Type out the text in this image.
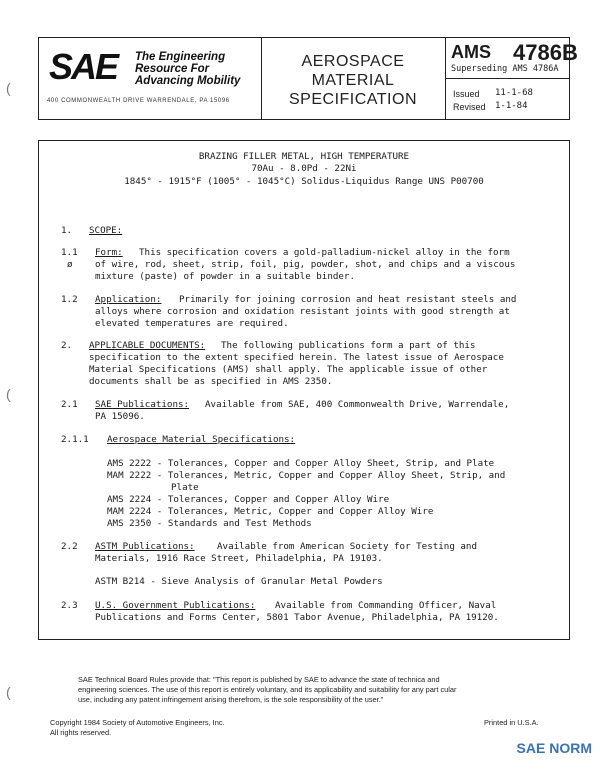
(
(
(
SAE The Engineering
Resource For
Advancing Mobility
400 COMMONWEALTH DRIVE WARRENDALE, PA 15096
AEROSPACE
MATERIAL
SPECIFICATION
AMS 4786B
Superseding AMS 4786A
Issued 11-1-68
Revised 1-1-84
BRAZING FILLER METAL, HIGH TEMPERATURE
70Au - 8.0Pd - 22Ni
1845° - 1915°F (1005° - 1045°C) Solidus-Liquidus Range UNS P00700
1. SCOPE:
1.1
ø
Form: This specification covers a gold-palladium-nickel alloy in the form
of wire, rod, sheet, strip, foil, pig, powder, shot, and chips and a viscous
mixture (paste) of powder in a suitable binder.
1.2 Application: Primarily for joining corrosion and heat resistant steels and
alloys where corrosion and oxidation resistant joints with good strength at
elevated temperatures are required.
2. APPLICABLE DOCUMENTS: The following publications form a part of this
specification to the extent specified herein. The latest issue of Aerospace
Material Specifications (AMS) shall apply. The applicable issue of other
documents shall be as specified in AMS 2350.
2.1 SAE Publications: Available from SAE, 400 Commonwealth Drive, Warrendale,
PA 15096.
2.1.1 Aerospace Material Specifications:
AMS 2222 - Tolerances, Copper and Copper Alloy Sheet, Strip, and Plate
MAM 2222 - Tolerances, Metric, Copper and Copper Alloy Sheet, Strip, and
Plate
AMS 2224 - Tolerances, Copper and Copper Alloy Wire
MAM 2224 - Tolerances, Metric, Copper and Copper Alloy Wire
AMS 2350 - Standards and Test Methods
2.2 ASTM Publications: Available from American Society for Testing and
Materials, 1916 Race Street, Philadelphia, PA 19103.
ASTM B214 - Sieve Analysis of Granular Metal Powders
2.3 U.S. Government Publications: Available from Commanding Officer, Naval
Publications and Forms Center, 5801 Tabor Avenue, Philadelphia, PA 19120.
SAE Technical Board Rules provide that: "This report is published by SAE to advance the state of technica and
engineering sciences. The use of this report is entirely voluntary, and its applicability and suitability for any part cular
use, including any patent infringement arising therefrom, is the sole responsibility of the user."
Copyright 1984 Society of Automotive Engineers, Inc.
All rights reserved.
Printed in U.S.A.
SAE NORM
